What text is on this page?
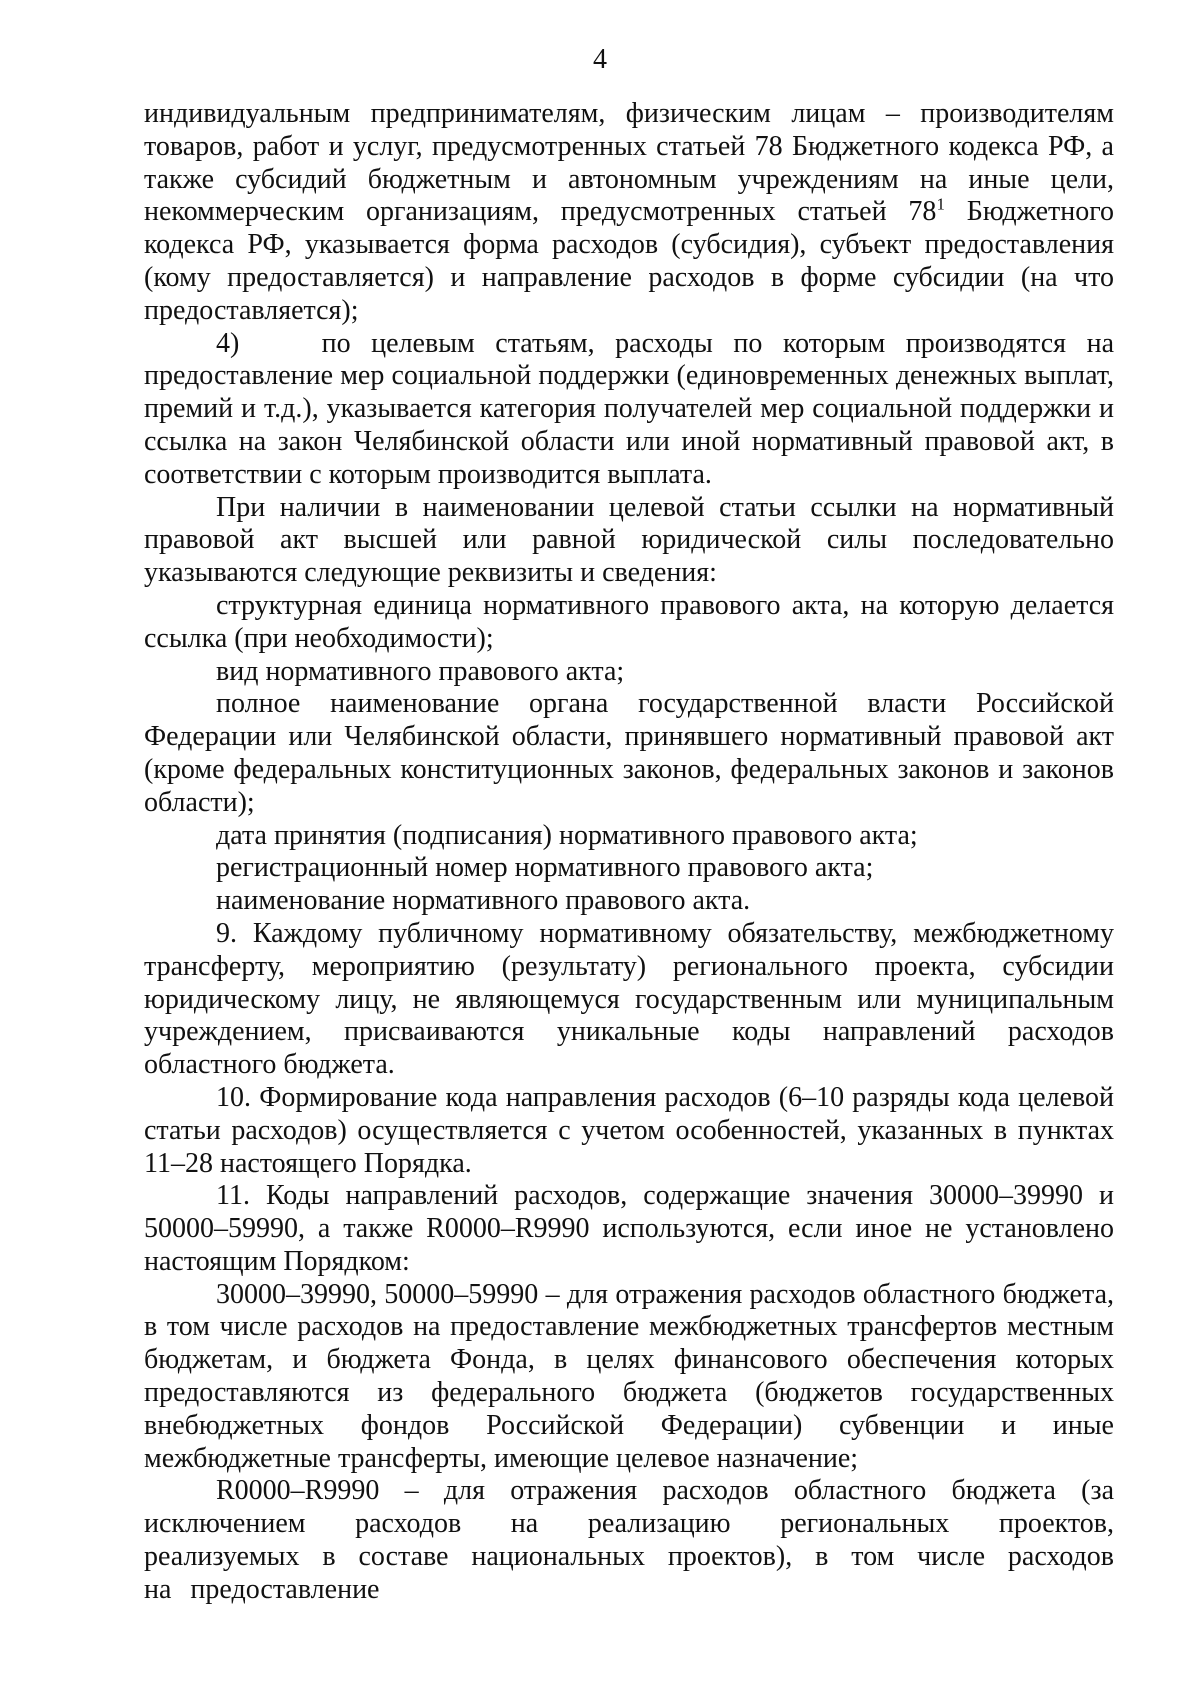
4

индивидуальным предпринимателям, физическим лицам – производителям товаров, работ и услуг, предусмотренных статьей 78 Бюджетного кодекса РФ, а также субсидий бюджетным и автономным учреждениям на иные цели, некоммерческим организациям, предусмотренных статьей $78^1$ Бюджетного кодекса РФ, указывается форма расходов (субсидия), субъект предоставления (кому предоставляется) и направление расходов в форме субсидии (на что предоставляется);

4)    по целевым статьям, расходы по которым производятся на предоставление мер социальной поддержки (единовременных денежных выплат, премий и т.д.), указывается категория получателей мер социальной поддержки и ссылка на закон Челябинской области или иной нормативный правовой акт, в соответствии с которым производится выплата.

При наличии в наименовании целевой статьи ссылки на нормативный правовой акт высшей или равной юридической силы последовательно указываются следующие реквизиты и сведения:

структурная единица нормативного правового акта, на которую делается ссылка (при необходимости);

вид нормативного правового акта;

полное наименование органа государственной власти Российской Федерации или Челябинской области, принявшего нормативный правовой акт (кроме федеральных конституционных законов, федеральных законов и законов области);

дата принятия (подписания) нормативного правового акта;

регистрационный номер нормативного правового акта;

наименование нормативного правового акта.

9. Каждому публичному нормативному обязательству, межбюджетному трансферту, мероприятию (результату) регионального проекта, субсидии юридическому лицу, не являющемуся государственным или муниципальным учреждением, присваиваются уникальные коды направлений расходов областного бюджета.

10. Формирование кода направления расходов (6–10 разряды кода целевой статьи расходов) осуществляется с учетом особенностей, указанных в пунктах 11–28 настоящего Порядка.

11. Коды направлений расходов, содержащие значения 30000–39990 и 50000–59990, а также R0000–R9990 используются, если иное не установлено настоящим Порядком:

30000–39990, 50000–59990 – для отражения расходов областного бюджета, в том числе расходов на предоставление межбюджетных трансфертов местным бюджетам, и бюджета Фонда, в целях финансового обеспечения которых предоставляются из федерального бюджета (бюджетов государственных внебюджетных фондов Российской Федерации) субвенции и иные межбюджетные трансферты, имеющие целевое назначение;

R0000–R9990 – для отражения расходов областного бюджета (за исключением расходов на реализацию региональных проектов, реализуемых в составе национальных проектов), в том числе расходов на предоставление
